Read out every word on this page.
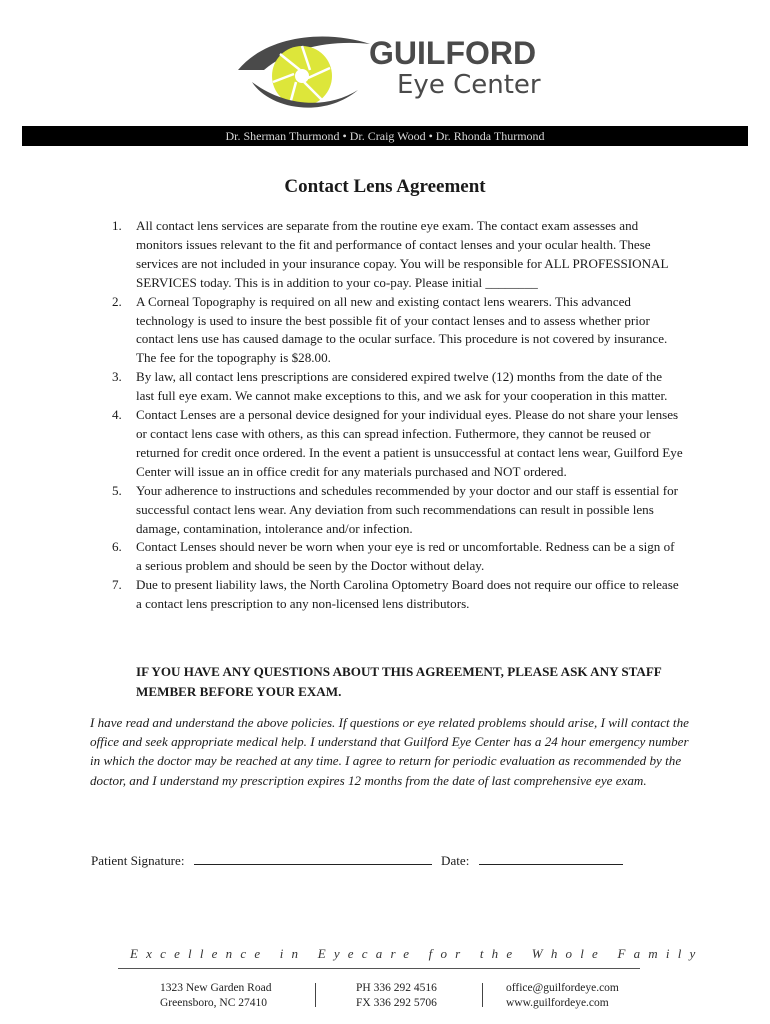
GUILFORD
Eye Center
Dr. Sherman Thurmond • Dr. Craig Wood • Dr. Rhonda Thurmond
Contact Lens Agreement
1. All contact lens services are separate from the routine eye exam. The contact exam assesses and monitors issues relevant to the fit and performance of contact lenses and your ocular health. These services are not included in your insurance copay. You will be responsible for ALL PROFESSIONAL SERVICES today. This is in addition to your co-pay. Please initial ________
2. A Corneal Topography is required on all new and existing contact lens wearers. This advanced technology is used to insure the best possible fit of your contact lenses and to assess whether prior contact lens use has caused damage to the ocular surface. This procedure is not covered by insurance. The fee for the topography is $28.00.
3. By law, all contact lens prescriptions are considered expired twelve (12) months from the date of the last full eye exam. We cannot make exceptions to this, and we ask for your cooperation in this matter.
4. Contact Lenses are a personal device designed for your individual eyes. Please do not share your lenses or contact lens case with others, as this can spread infection. Futhermore, they cannot be reused or returned for credit once ordered. In the event a patient is unsuccessful at contact lens wear, Guilford Eye Center will issue an in office credit for any materials purchased and NOT ordered.
5. Your adherence to instructions and schedules recommended by your doctor and our staff is essential for successful contact lens wear. Any deviation from such recommendations can result in possible lens damage, contamination, intolerance and/or infection.
6. Contact Lenses should never be worn when your eye is red or uncomfortable. Redness can be a sign of a serious problem and should be seen by the Doctor without delay.
7. Due to present liability laws, the North Carolina Optometry Board does not require our office to release a contact lens prescription to any non-licensed lens distributors.

IF YOU HAVE ANY QUESTIONS ABOUT THIS AGREEMENT, PLEASE ASK ANY STAFF MEMBER BEFORE YOUR EXAM.

I have read and understand the above policies. If questions or eye related problems should arise, I will contact the office and seek appropriate medical help. I understand that Guilford Eye Center has a 24 hour emergency number in which the doctor may be reached at any time. I agree to return for periodic evaluation as recommended by the doctor, and I understand my prescription expires 12 months from the date of last comprehensive eye exam.

Patient Signature:	Date:
Excellence in Eyecare for the Whole Family
1323 New Garden Road
Greensboro, NC 27410
PH 336 292 4516
FX 336 292 5706
office@guilfordeye.com
www.guilfordeye.com
